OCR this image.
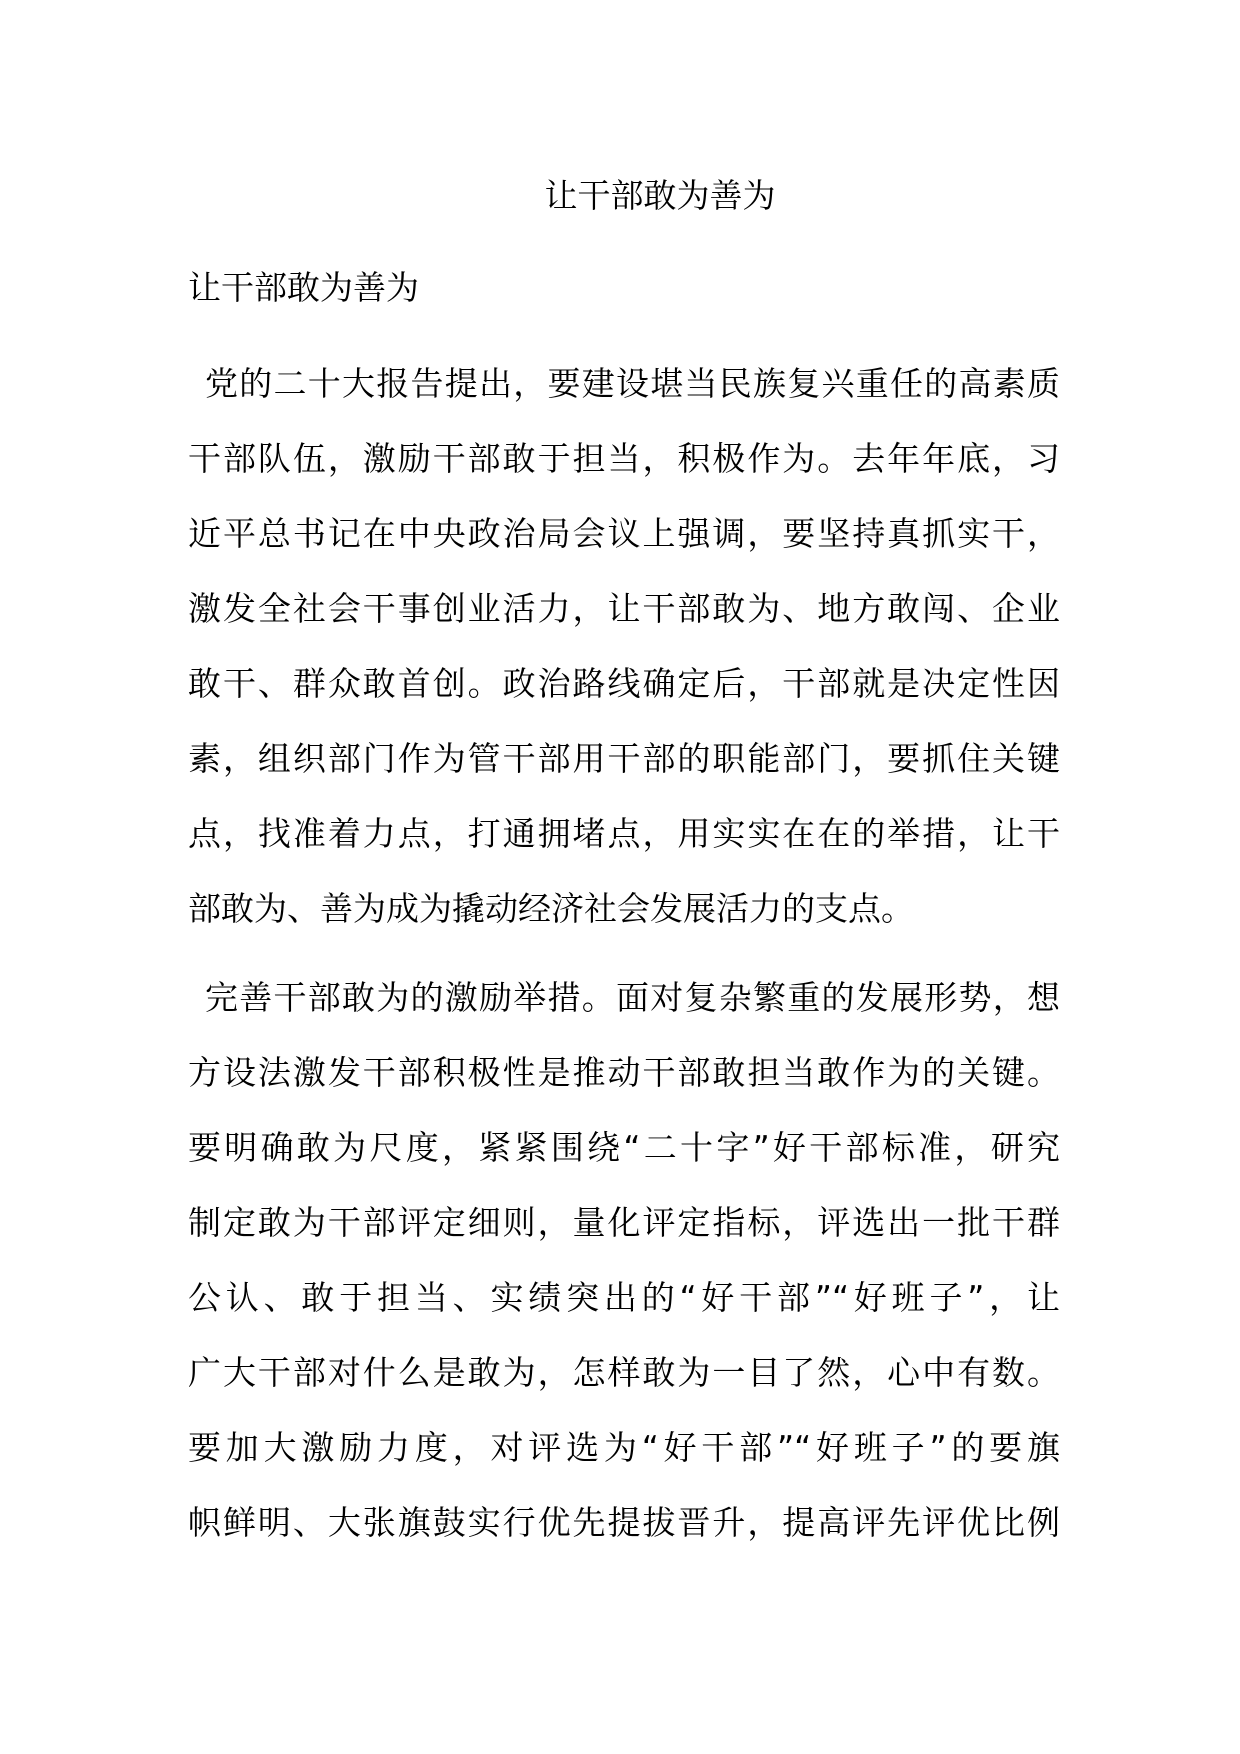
让干部敢为善为
让干部敢为善为
党的二十大报告提出，要建设堪当民族复兴重任的高素质
干部队伍，激励干部敢于担当，积极作为。去年年底，习
近平总书记在中央政治局会议上强调，要坚持真抓实干，
激发全社会干事创业活力，让干部敢为、地方敢闯、企业
敢干、群众敢首创。政治路线确定后，干部就是决定性因
素，组织部门作为管干部用干部的职能部门，要抓住关键
点，找准着力点，打通拥堵点，用实实在在的举措，让干
部敢为、善为成为撬动经济社会发展活力的支点。
完善干部敢为的激励举措。面对复杂繁重的发展形势，想
方设法激发干部积极性是推动干部敢担当敢作为的关键。
要明确敢为尺度，紧紧围绕“二十字”好干部标准，研究
制定敢为干部评定细则，量化评定指标，评选出一批干群
公认、敢于担当、实绩突出的“好干部”“好班子”，让
广大干部对什么是敢为，怎样敢为一目了然，心中有数。
要加大激励力度，对评选为“好干部”“好班子”的要旗
帜鲜明、大张旗鼓实行优先提拔晋升，提高评先评优比例
